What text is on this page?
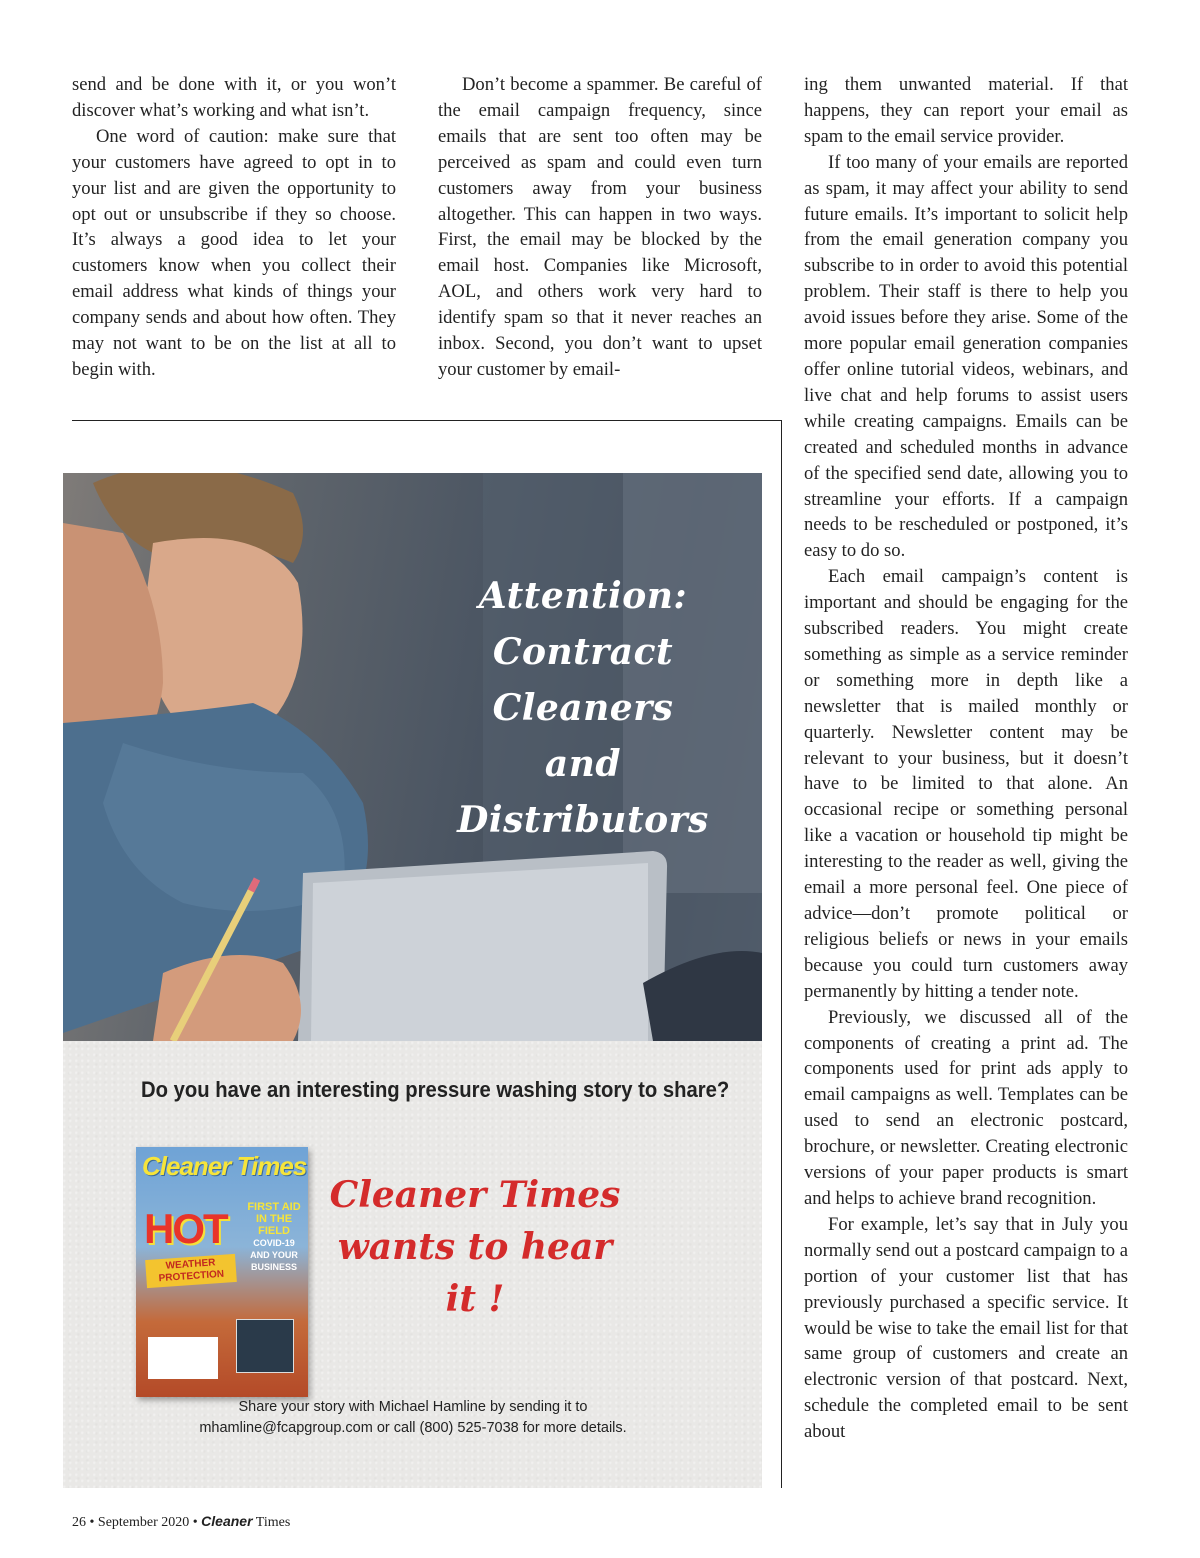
send and be done with it, or you won’t discover what’s working and what isn’t.

One word of caution: make sure that your customers have agreed to opt in to your list and are given the opportunity to opt out or unsubscribe if they so choose. It’s always a good idea to let your customers know when you collect their email address what kinds of things your company sends and about how often. They may not want to be on the list at all to begin with.

Don’t become a spammer. Be careful of the email campaign frequency, since emails that are sent too often may be perceived as spam and could even turn customers away from your business altogether. This can happen in two ways. First, the email may be blocked by the email host. Companies like Microsoft, AOL, and others work very hard to identify spam so that it never reaches an inbox. Second, you don’t want to upset your customer by email-

ing them unwanted material. If that happens, they can report your email as spam to the email service provider.

If too many of your emails are reported as spam, it may affect your ability to send future emails. It’s important to solicit help from the email generation company you subscribe to in order to avoid this potential problem. Their staff is there to help you avoid issues before they arise. Some of the more popular email generation companies offer online tutorial videos, webinars, and live chat and help forums to assist users while creating campaigns. Emails can be created and scheduled months in advance of the specified send date, allowing you to streamline your efforts. If a campaign needs to be rescheduled or postponed, it’s easy to do so.

Each email campaign’s content is important and should be engaging for the subscribed readers. You might create something as simple as a service reminder or something more in depth like a newsletter that is mailed monthly or quarterly. Newsletter content may be relevant to your business, but it doesn’t have to be limited to that alone. An occasional recipe or something personal like a vacation or household tip might be interesting to the reader as well, giving the email a more personal feel. One piece of advice—don’t promote political or religious beliefs or news in your emails because you could turn customers away permanently by hitting a tender note.

Previously, we discussed all of the components of creating a print ad. The components used for print ads apply to email campaigns as well. Templates can be used to send an electronic postcard, brochure, or newsletter. Creating electronic versions of your paper products is smart and helps to achieve brand recognition.

For example, let’s say that in July you normally send out a postcard campaign to a portion of your customer list that has previously purchased a specific service. It would be wise to take the email list for that same group of customers and create an electronic version of that postcard. Next, schedule the completed email to be sent about

Attention:
Contract Cleaners
and Distributors
Do you have an interesting pressure washing story to share?
Cleaner Times
HOT
WEATHER
PROTECTION
FIRST AID
IN THE FIELD
COVID-19
AND YOUR
BUSINESS
Cleaner Times
wants to hear it !
Share your story with Michael Hamline by sending it to
mhamline@fcapgroup.com or call (800) 525-7038 for more details.
26 • September 2020 • Cleaner Times
